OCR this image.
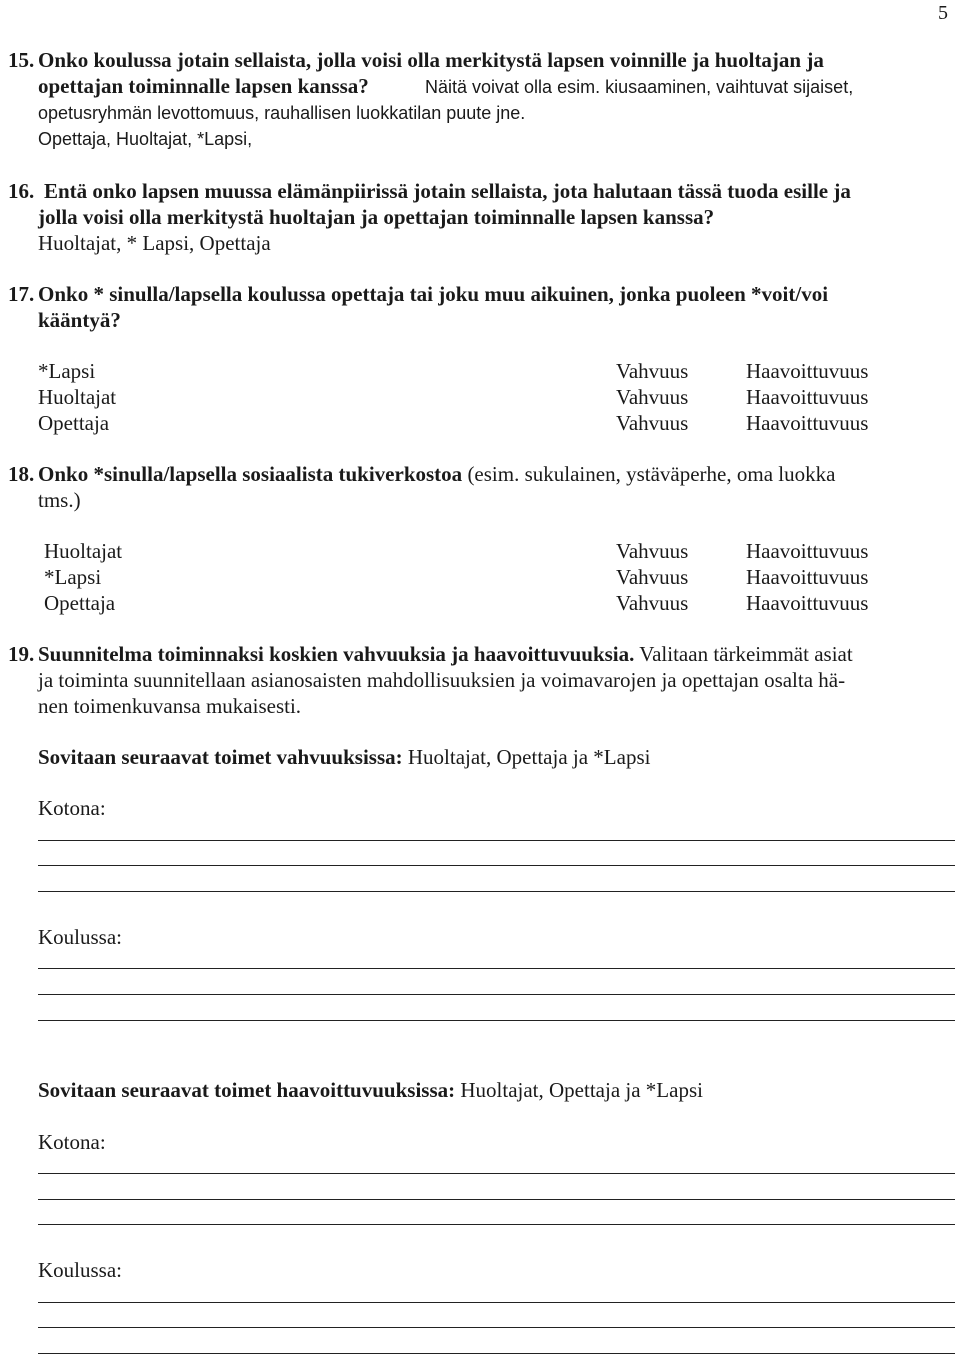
5
15. Onko koulussa jotain sellaista, jolla voisi olla merkitystä lapsen voinnille ja huoltajan ja
opettajan toiminnalle lapsen kanssa?	Näitä voivat olla esim. kiusaaminen, vaihtuvat sijaiset,
opetusryhmän levottomuus, rauhallisen luokkatilan puute jne.
Opettaja, Huoltajat, *Lapsi,
16. Entä onko lapsen muussa elämänpiirissä jotain sellaista, jota halutaan tässä tuoda esille ja
jolla voisi olla merkitystä huoltajan ja opettajan toiminnalle lapsen kanssa?
Huoltajat, * Lapsi, Opettaja
17. Onko * sinulla/lapsella koulussa opettaja tai joku muu aikuinen, jonka puoleen *voit/voi
kääntyä?
*Lapsi	Vahvuus	Haavoittuvuus
Huoltajat	Vahvuus	Haavoittuvuus
Opettaja	Vahvuus	Haavoittuvuus
18. Onko *sinulla/lapsella sosiaalista tukiverkostoa (esim. sukulainen, ystäväperhe, oma luokka
tms.)
Huoltajat	Vahvuus	Haavoittuvuus
*Lapsi	Vahvuus	Haavoittuvuus
Opettaja	Vahvuus	Haavoittuvuus
19. Suunnitelma toiminnaksi koskien vahvuuksia ja haavoittuvuuksia. Valitaan tärkeimmät asiat
ja toiminta suunnitellaan asianosaisten mahdollisuuksien ja voimavarojen ja opettajan osalta hä-
nen toimenkuvansa mukaisesti.
Sovitaan seuraavat toimet vahvuuksissa: Huoltajat, Opettaja ja *Lapsi
Kotona:
Koulussa:
Sovitaan seuraavat toimet haavoittuvuuksissa: Huoltajat, Opettaja ja *Lapsi
Kotona:
Koulussa:
